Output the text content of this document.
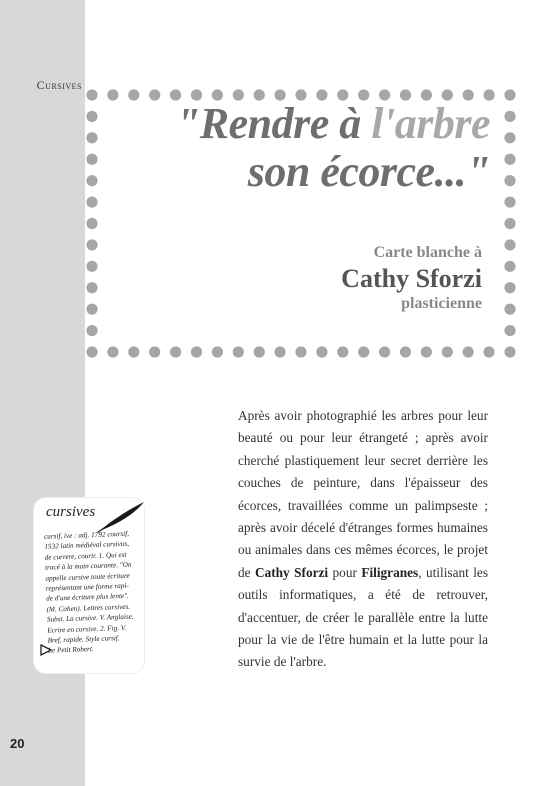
Cursives
20
cursives
cursif, ive : adj. 1792 coursif,
1532 latin médiéval cursivus,
de currere, courir. 1. Qui est
tracé à la main courante. "On
appelle cursive toute écriture
représentant une forme rapi-
de d'une écriture plus lente".
(M. Cohen). Lettres cursives.
Subst. La cursive. V. Anglaise.
Ecrire en cursive. 2. Fig. V.
Bref, rapide. Style cursif.
Le Petit Robert.
"Rendre à l'arbre
son écorce..."
Carte blanche à
Cathy Sforzi
plasticienne
Après avoir photographié les arbres pour leur beauté ou pour leur étrangeté ; après avoir cherché plastiquement leur secret derrière les couches de peinture, dans l'épaisseur des écorces, travaillées comme un palimpseste ; après avoir décelé d'étranges formes humaines ou animales dans ces mêmes écorces, le projet de Cathy Sforzi pour Filigranes, utilisant les outils informatiques, a été de retrouver, d'accentuer, de créer le parallèle entre la lutte pour la vie de l'être humain et la lutte pour la survie de l'arbre.
